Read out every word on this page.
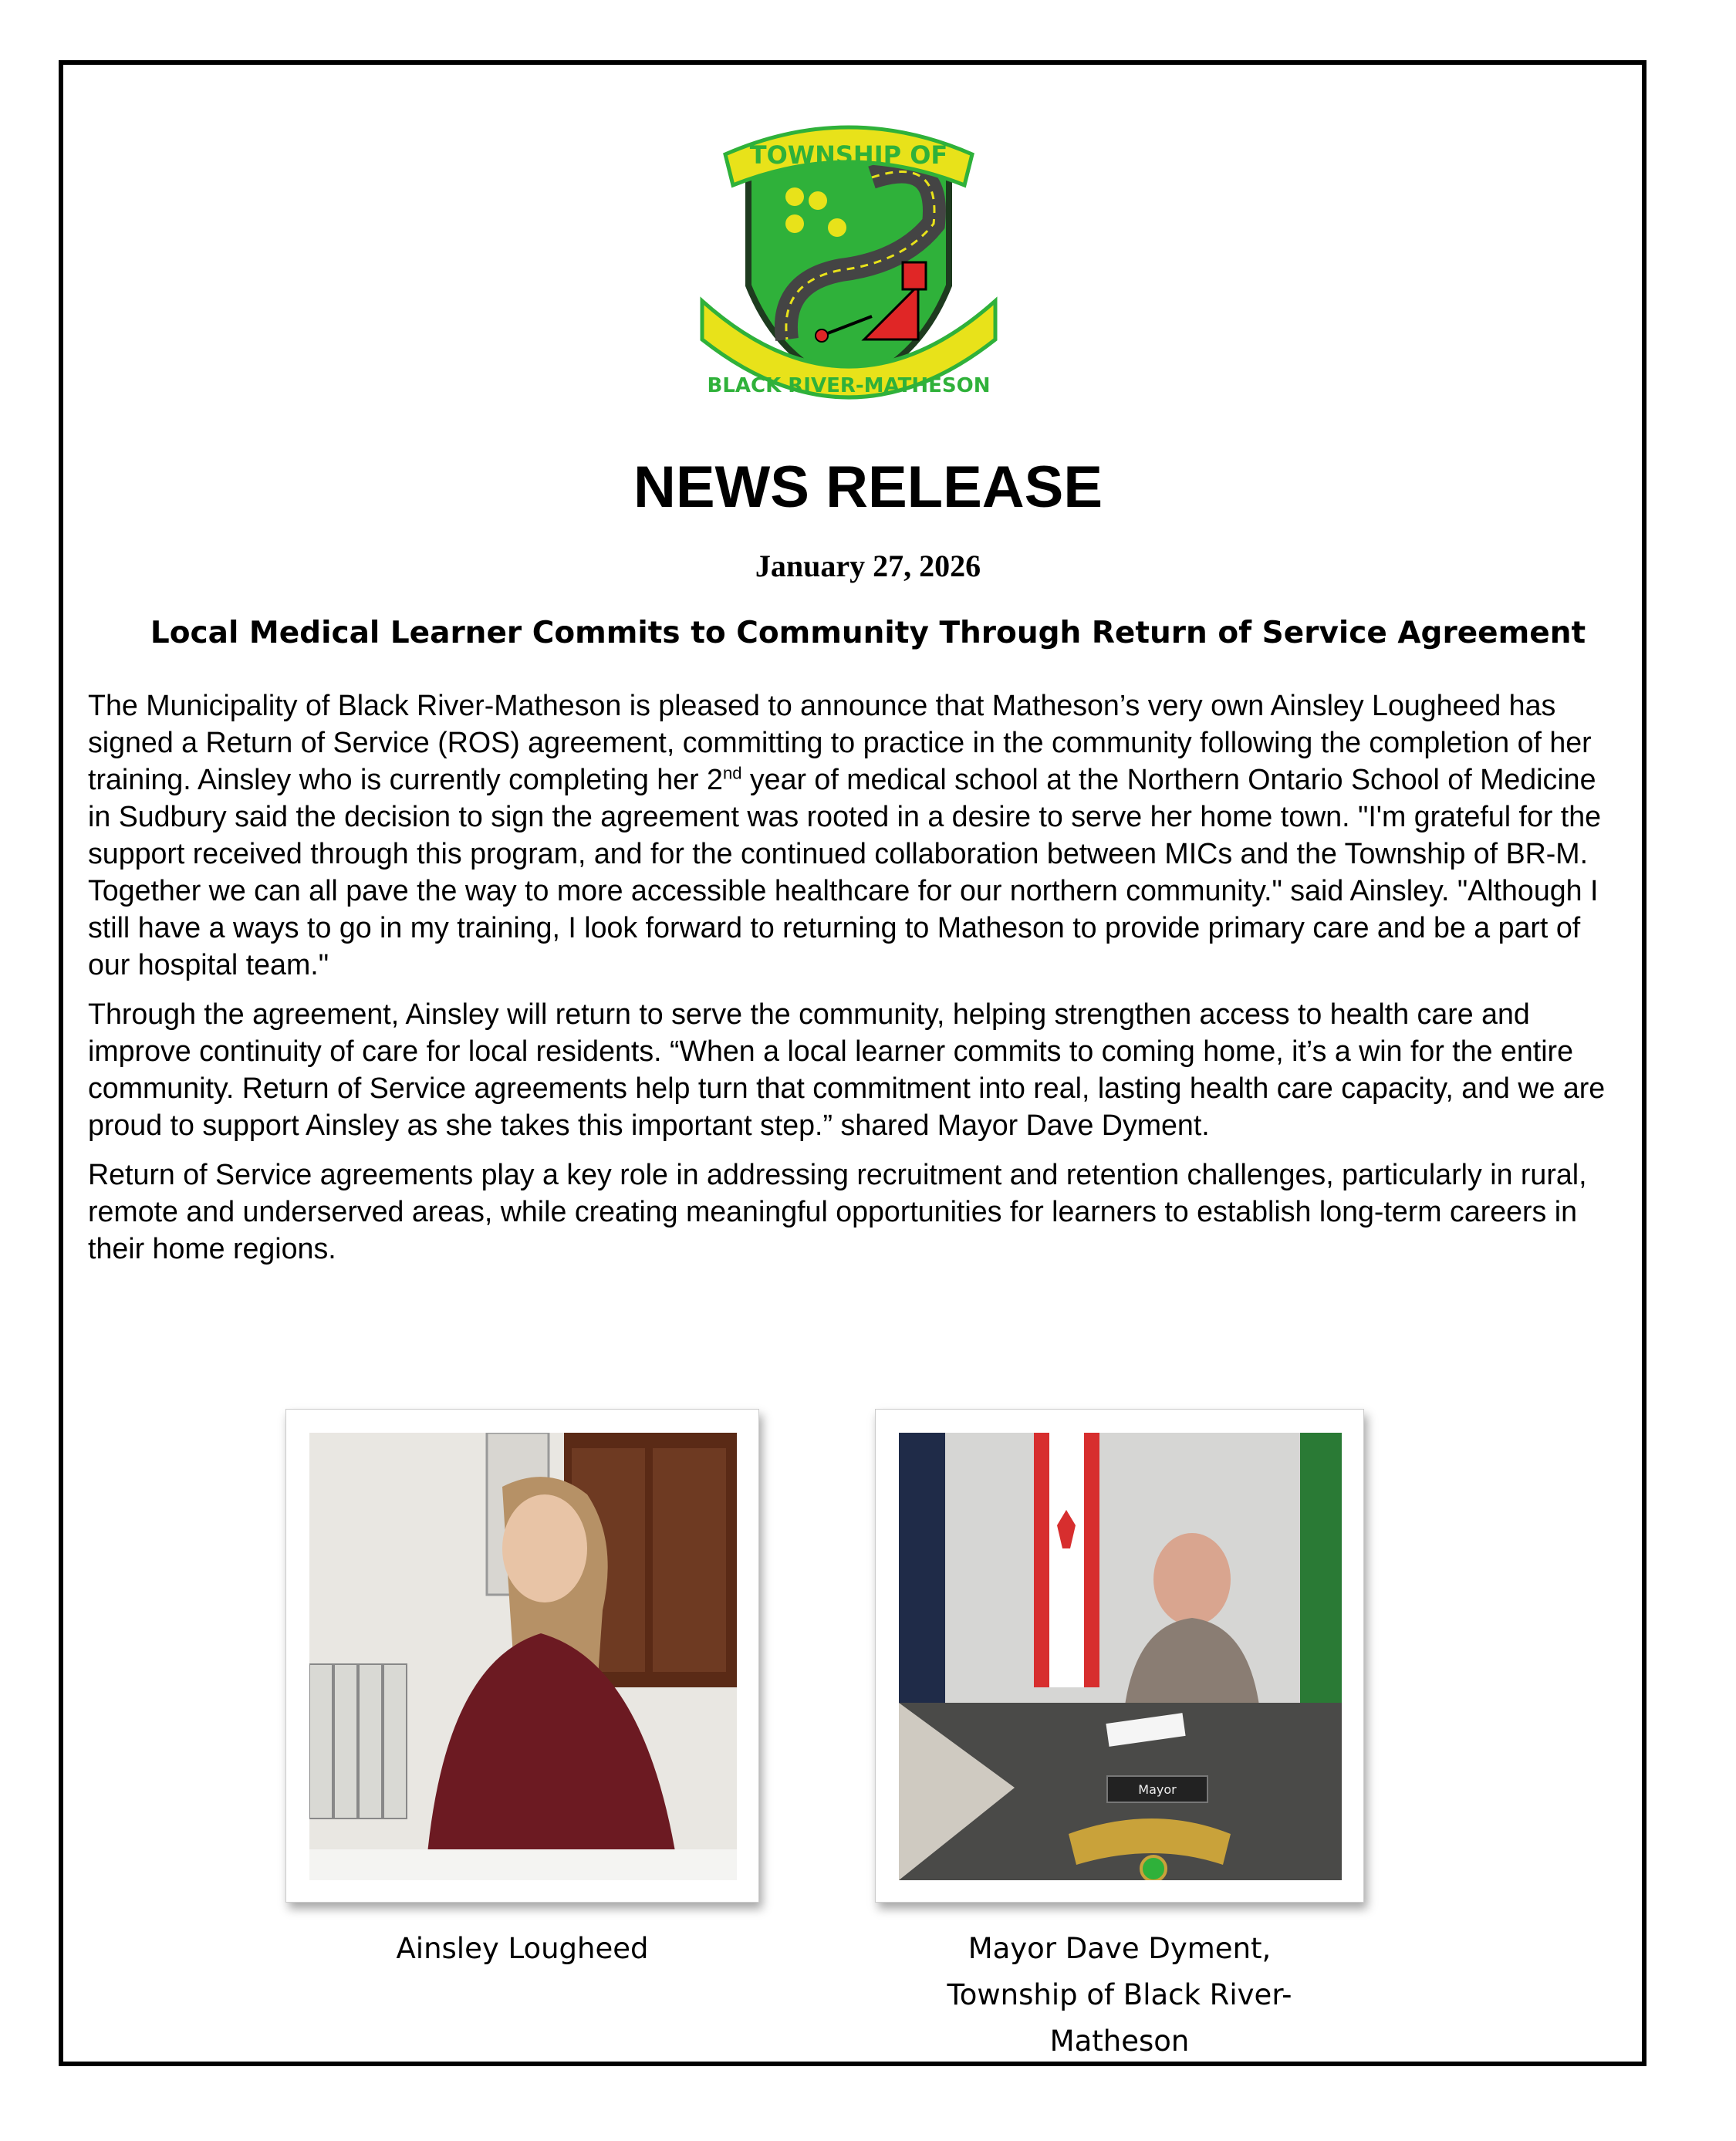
TOWNSHIP OF
BLACK RIVER-MATHESON
NEWS RELEASE
January 27, 2026
Local Medical Learner Commits to Community Through Return of Service Agreement

The Municipality of Black River-Matheson is pleased to announce that Matheson’s very own Ainsley Lougheed has signed a Return of Service (ROS) agreement, committing to practice in the community following the completion of her training. Ainsley who is currently completing her 2nd year of medical school at the Northern Ontario School of Medicine in Sudbury said the decision to sign the agreement was rooted in a desire to serve her home town. "I'm grateful for the support received through this program, and for the continued collaboration between MICs and the Township of BR-M. Together we can all pave the way to more accessible healthcare for our northern community." said Ainsley. "Although I still have a ways to go in my training, I look forward to returning to Matheson to provide primary care and be a part of our hospital team."

Through the agreement, Ainsley will return to serve the community, helping strengthen access to health care and improve continuity of care for local residents. “When a local learner commits to coming home, it’s a win for the entire community. Return of Service agreements help turn that commitment into real, lasting health care capacity, and we are proud to support Ainsley as she takes this important step.” shared Mayor Dave Dyment.

Return of Service agreements play a key role in addressing recruitment and retention challenges, particularly in rural, remote and underserved areas, while creating meaningful opportunities for learners to establish long-term careers in their home regions.

Ainsley Lougheed
Mayor
Mayor Dave Dyment,
Township of Black River-
Matheson
